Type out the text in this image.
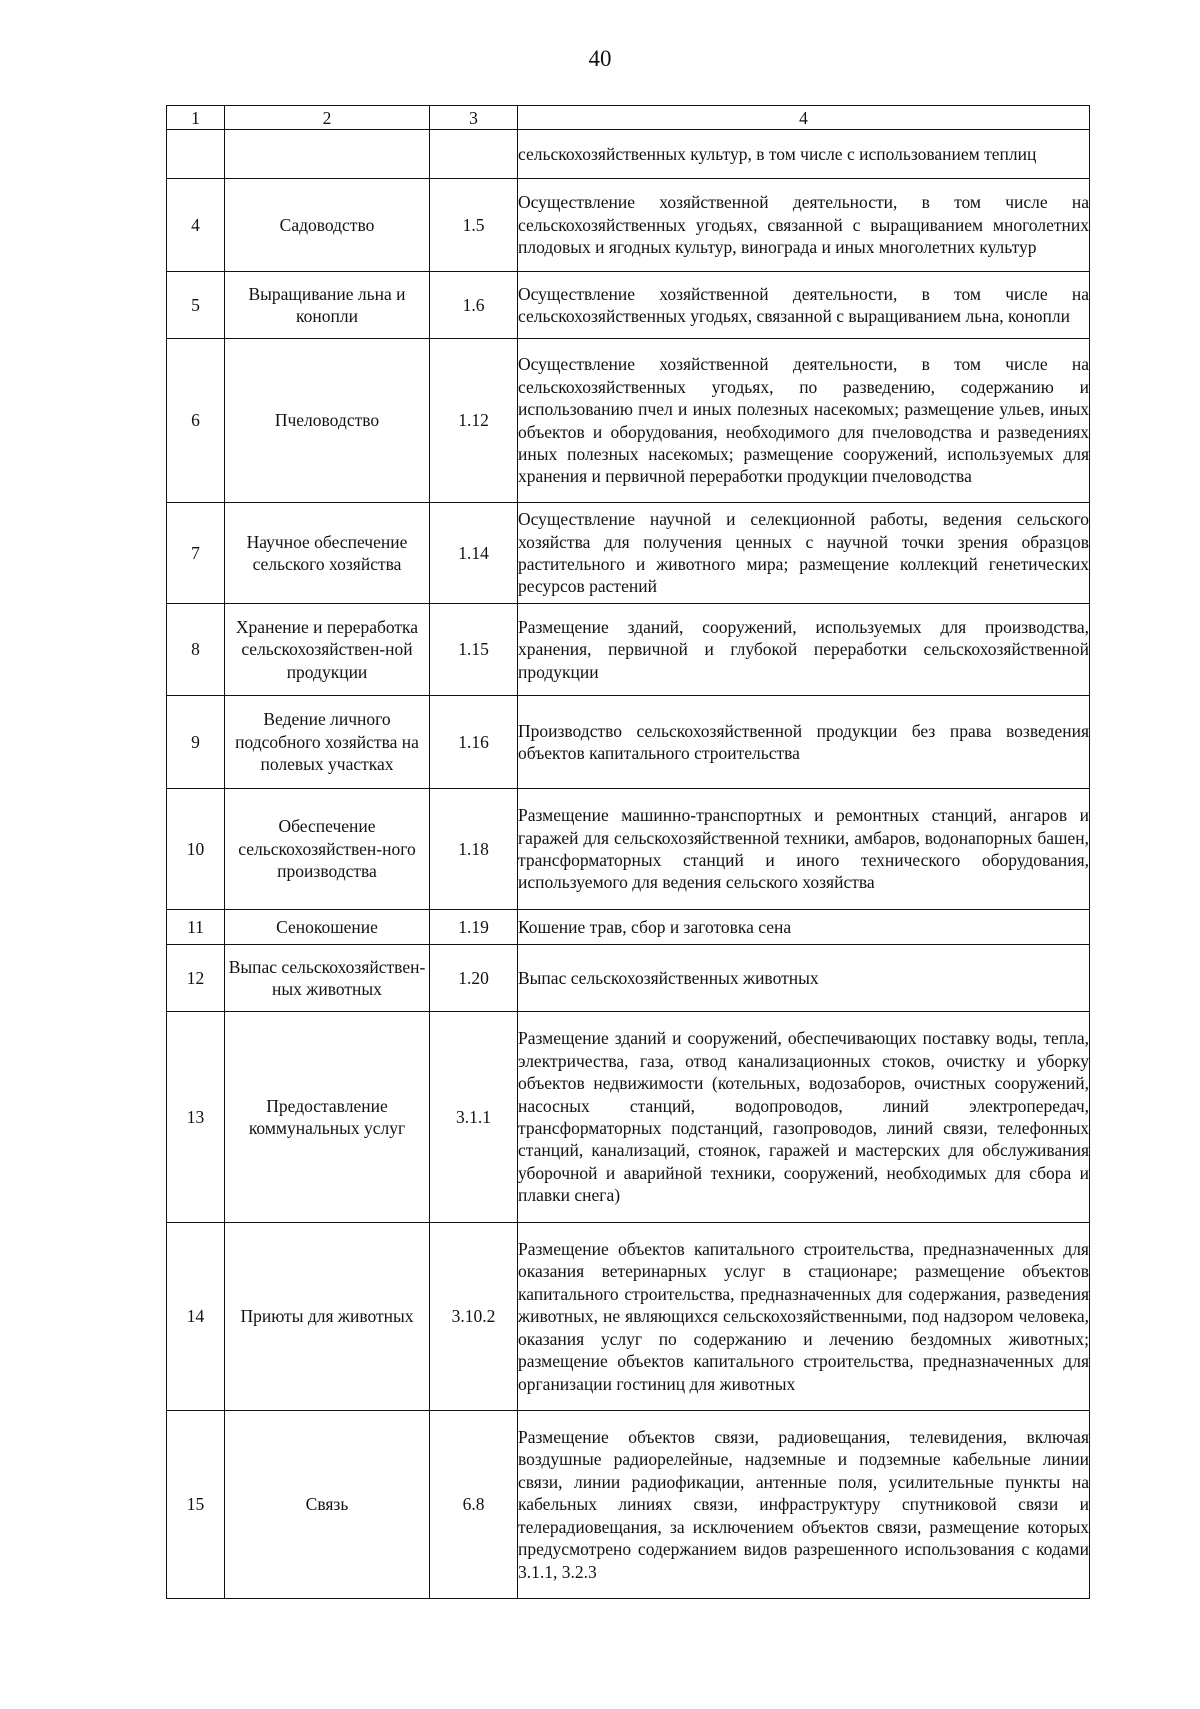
40
1	2	3	4
			сельскохозяйственных культур, в том числе с использованием теплиц
4	Садоводство	1.5	Осуществление хозяйственной деятельности, в том числе на сельскохозяйственных угодьях, связанной с выращиванием многолетних плодовых и ягодных культур, винограда и иных многолетних культур
5	Выращивание льна и конопли	1.6	Осуществление хозяйственной деятельности, в том числе на сельскохозяйственных угодьях, связанной с выращиванием льна, конопли
6	Пчеловодство	1.12	Осуществление хозяйственной деятельности, в том числе на сельскохозяйственных угодьях, по разведению, содержанию и использованию пчел и иных полезных насекомых; размещение ульев, иных объектов и оборудования, необходимого для пчеловодства и разведениях иных полезных насекомых; размещение сооружений, используемых для хранения и первичной переработки продукции пчеловодства
7	Научное обеспечение сельского хозяйства	1.14	Осуществление научной и селекционной работы, ведения сельского хозяйства для получения ценных с научной точки зрения образцов растительного и животного мира; размещение коллекций генетических ресурсов растений
8	Хранение и переработка сельскохозяйствен-ной продукции	1.15	Размещение зданий, сооружений, используемых для производства, хранения, первичной и глубокой переработки сельскохозяйственной продукции
9	Ведение личного подсобного хозяйства на полевых участках	1.16	Производство сельскохозяйственной продукции без права возведения объектов капитального строительства
10	Обеспечение сельскохозяйствен-ного производства	1.18	Размещение машинно-транспортных и ремонтных станций, ангаров и гаражей для сельскохозяйственной техники, амбаров, водонапорных башен, трансформаторных станций и иного технического оборудования, используемого для ведения сельского хозяйства
11	Сенокошение	1.19	Кошение трав, сбор и заготовка сена
12	Выпас сельскохозяйствен-ных животных	1.20	Выпас сельскохозяйственных животных
13	Предоставление коммунальных услуг	3.1.1	Размещение зданий и сооружений, обеспечивающих поставку воды, тепла, электричества, газа, отвод канализационных стоков, очистку и уборку объектов недвижимости (котельных, водозаборов, очистных сооружений, насосных станций, водопроводов, линий электропередач, трансформаторных подстанций, газопроводов, линий связи, телефонных станций, канализаций, стоянок, гаражей и мастерских для обслуживания уборочной и аварийной техники, сооружений, необходимых для сбора и плавки снега)
14	Приюты для животных	3.10.2	Размещение объектов капитального строительства, предназначенных для оказания ветеринарных услуг в стационаре; размещение объектов капитального строительства, предназначенных для содержания, разведения животных, не являющихся сельскохозяйственными, под надзором человека, оказания услуг по содержанию и лечению бездомных животных; размещение объектов капитального строительства, предназначенных для организации гостиниц для животных
15	Связь	6.8	Размещение объектов связи, радиовещания, телевидения, включая воздушные радиорелейные, надземные и подземные кабельные линии связи, линии радиофикации, антенные поля, усилительные пункты на кабельных линиях связи, инфраструктуру спутниковой связи и телерадиовещания, за исключением объектов связи, размещение которых предусмотрено содержанием видов разрешенного использования с кодами 3.1.1, 3.2.3
